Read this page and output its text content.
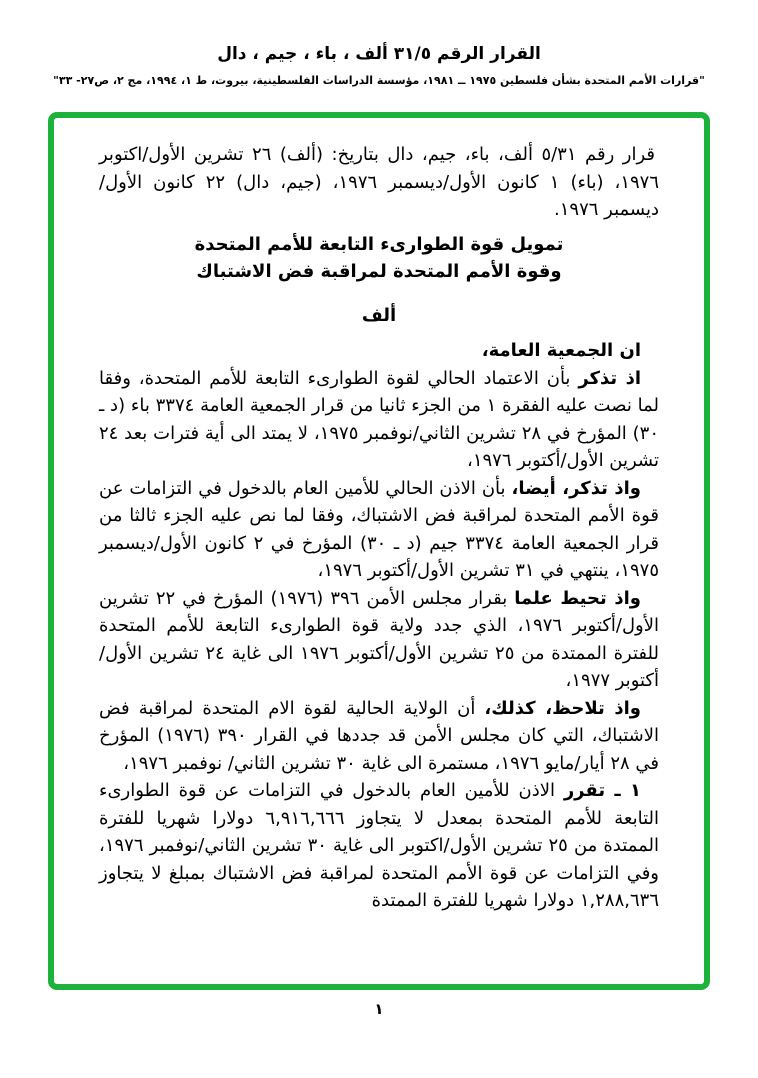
القرار الرقم ٣١/٥ ألف ، باء ، جيم ، دال
"قرارات الأمم المتحدة بشأن فلسطين ١٩٧٥ ــ ١٩٨١، مؤسسة الدراسات الفلسطينية، بيروت، ط ١، ١٩٩٤، مج ٢، ص٢٧- ٣٣"

قرار رقم ٥/٣١ ألف، باء، جيم، دال بتاريخ: (ألف) ٢٦ تشرين الأول/اكتوبر ١٩٧٦، (باء) ١ كانون الأول/ديسمبر ١٩٧٦، (جيم، دال) ٢٢ كانون الأول/ديسمبر ١٩٧٦.

تمويل قوة الطوارىء التابعة للأمم المتحدة
وقوة الأمم المتحدة لمراقبة فض الاشتباك
ألف

ان الجمعية العامة،

اذ تذكر بأن الاعتماد الحالي لقوة الطوارىء التابعة للأمم المتحدة، وفقا لما نصت عليه الفقرة ١ من الجزء ثانيا من قرار الجمعية العامة ٣٣٧٤ باء (د ـ ٣٠) المؤرخ في ٢٨ تشرين الثاني/نوفمبر ١٩٧٥، لا يمتد الى أية فترات بعد ٢٤ تشرين الأول/أكتوبر ١٩٧٦،

واذ تذكر، أيضا، بأن الاذن الحالي للأمين العام بالدخول في التزامات عن قوة الأمم المتحدة لمراقبة فض الاشتباك، وفقا لما نص عليه الجزء ثالثا من قرار الجمعية العامة ٣٣٧٤ جيم (د ـ ٣٠) المؤرخ في ٢ كانون الأول/ديسمبر ١٩٧٥، ينتهي في ٣١ تشرين الأول/أكتوبر ١٩٧٦،

واذ تحيط علما بقرار مجلس الأمن ٣٩٦ (١٩٧٦) المؤرخ في ٢٢ تشرين الأول/أكتوبر ١٩٧٦، الذي جدد ولاية قوة الطوارىء التابعة للأمم المتحدة للفترة الممتدة من ٢٥ تشرين الأول/أكتوبر ١٩٧٦ الى غاية ٢٤ تشرين الأول/أكتوبر ١٩٧٧،

واذ تلاحظ، كذلك، أن الولاية الحالية لقوة الام المتحدة لمراقبة فض الاشتباك، التي كان مجلس الأمن قد جددها في القرار ٣٩٠ (١٩٧٦) المؤرخ في ٢٨ أيار/مايو ١٩٧٦، مستمرة الى غاية ٣٠ تشرين الثاني/ نوفمبر ١٩٧٦،

١ ـ تقرر الاذن للأمين العام بالدخول في التزامات عن قوة الطوارىء التابعة للأمم المتحدة بمعدل لا يتجاوز ٦,٩١٦,٦٦٦ دولارا شهريا للفترة الممتدة من ٢٥ تشرين الأول/اكتوبر الى غاية ٣٠ تشرين الثاني/نوفمبر ١٩٧٦، وفي التزامات عن قوة الأمم المتحدة لمراقبة فض الاشتباك بمبلغ لا يتجاوز ١,٢٨٨,٦٣٦ دولارا شهريا للفترة الممتدة

١
